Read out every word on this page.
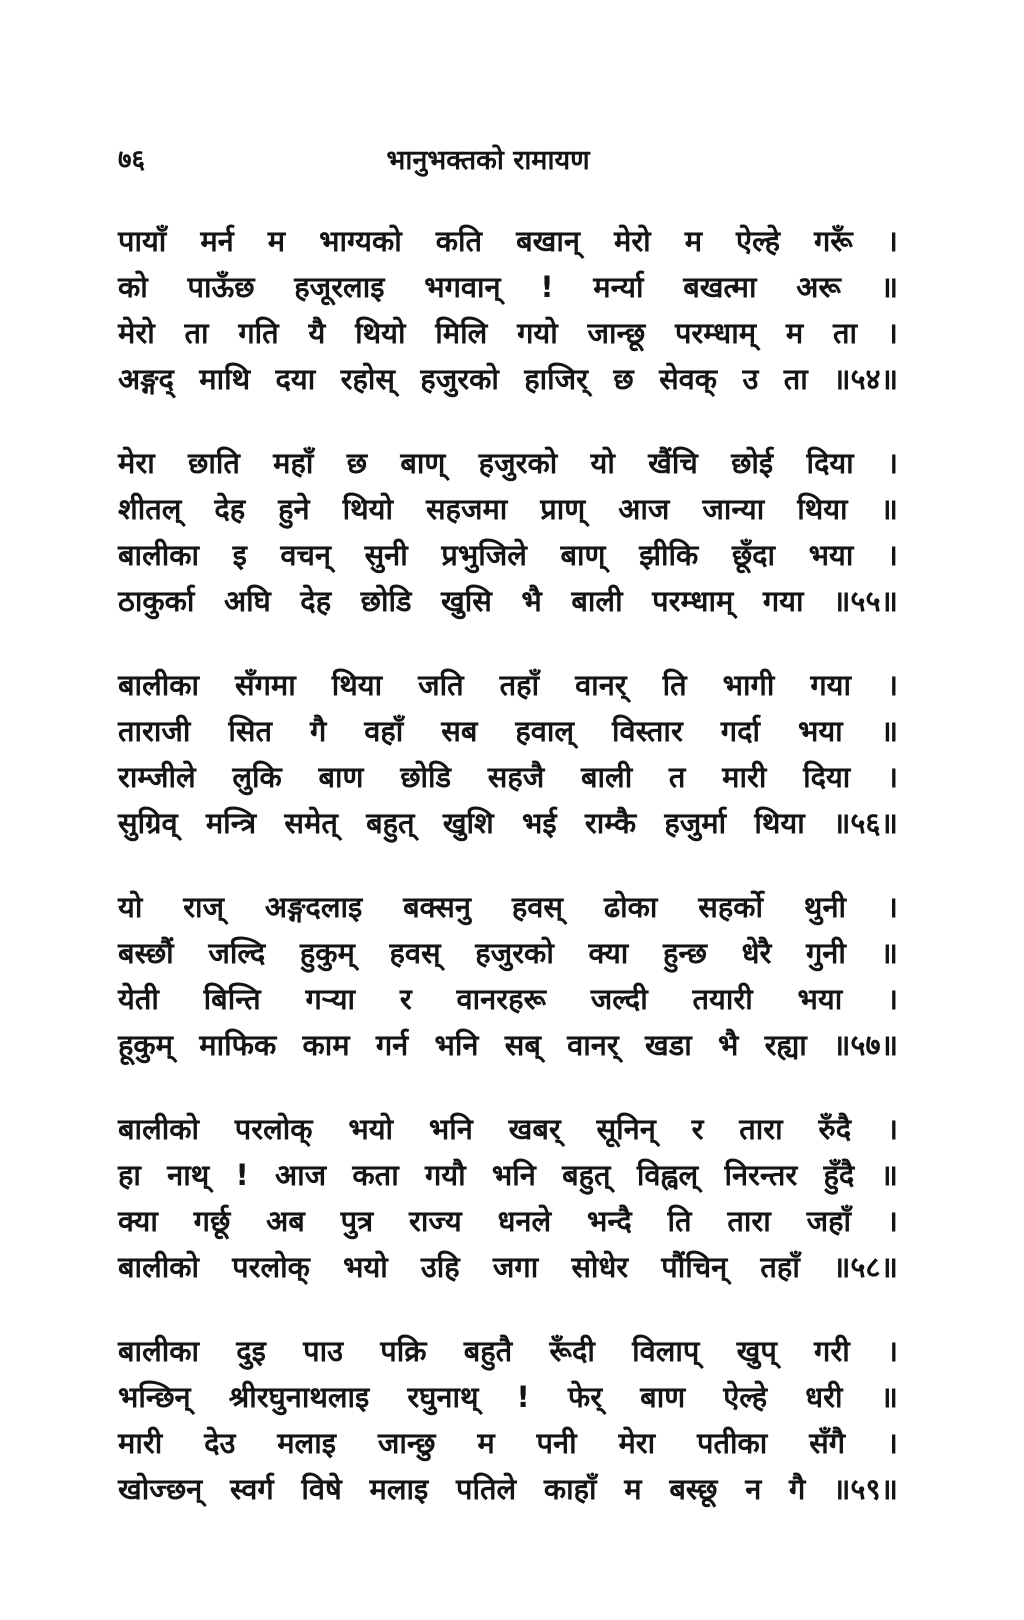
७६	भानुभक्तको रामायण
पायाँ मर्न म भाग्यको कति बखान् मेरो म ऐल्हे गरूँ ।
को पाऊँछ हजूरलाइ भगवान् ! मर्न्या बखत्मा अरू ॥
मेरो ता गति यै थियो मिलि गयो जान्छू परम्धाम् म ता ।
अङ्गद् माथि दया रहोस् हजुरको हाजिर् छ सेवक् उ ता ॥५४॥
मेरा छाति महाँ छ बाण् हजुरको यो खैंचि छोई दिया ।
शीतल् देह हुने थियो सहजमा प्राण् आज जान्या थिया ॥
बालीका इ वचन् सुनी प्रभुजिले बाण् झीकि छूँदा भया ।
ठाकुर्का अघि देह छोडि खुसि भै बाली परम्धाम् गया ॥५५॥
बालीका सँगमा थिया जति तहाँ वानर् ति भागी गया ।
ताराजी सित गै वहाँ सब हवाल् विस्तार गर्दा भया ॥
राम्जीले लुकि बाण छोडि सहजै बाली त मारी दिया ।
सुग्रिव् मन्त्रि समेत् बहुत् खुशि भई राम्कै हजुर्मा थिया ॥५६॥
यो राज् अङ्गदलाइ बक्सनु हवस् ढोका सहर्को थुनी ।
बस्छौं जल्दि हुकुम् हवस् हजुरको क्या हुन्छ धेरै गुनी ॥
येती बिन्ति गर्‍या र वानरहरू जल्दी तयारी भया ।
हूकुम् माफिक काम गर्न भनि सब् वानर् खडा भै रह्या ॥५७॥
बालीको परलोक् भयो भनि खबर् सूनिन् र तारा रुँदै ।
हा नाथ् ! आज कता गयौ भनि बहुत् विह्वल् निरन्तर हुँदै ॥
क्या गर्छू अब पुत्र राज्य धनले भन्दै ति तारा जहाँ ।
बालीको परलोक् भयो उहि जगा सोधेर पौंचिन् तहाँ ॥५८॥
बालीका दुइ पाउ पक्रि बहुतै रूँदी विलाप् खुप् गरी ।
भन्छिन् श्रीरघुनाथलाइ रघुनाथ् ! फेर् बाण ऐल्हे धरी ॥
मारी देउ मलाइ जान्छु म पनी मेरा पतीका सँगै ।
खोज्छन् स्वर्ग विषे मलाइ पतिले काहाँ म बस्छू न गै ॥५९॥
